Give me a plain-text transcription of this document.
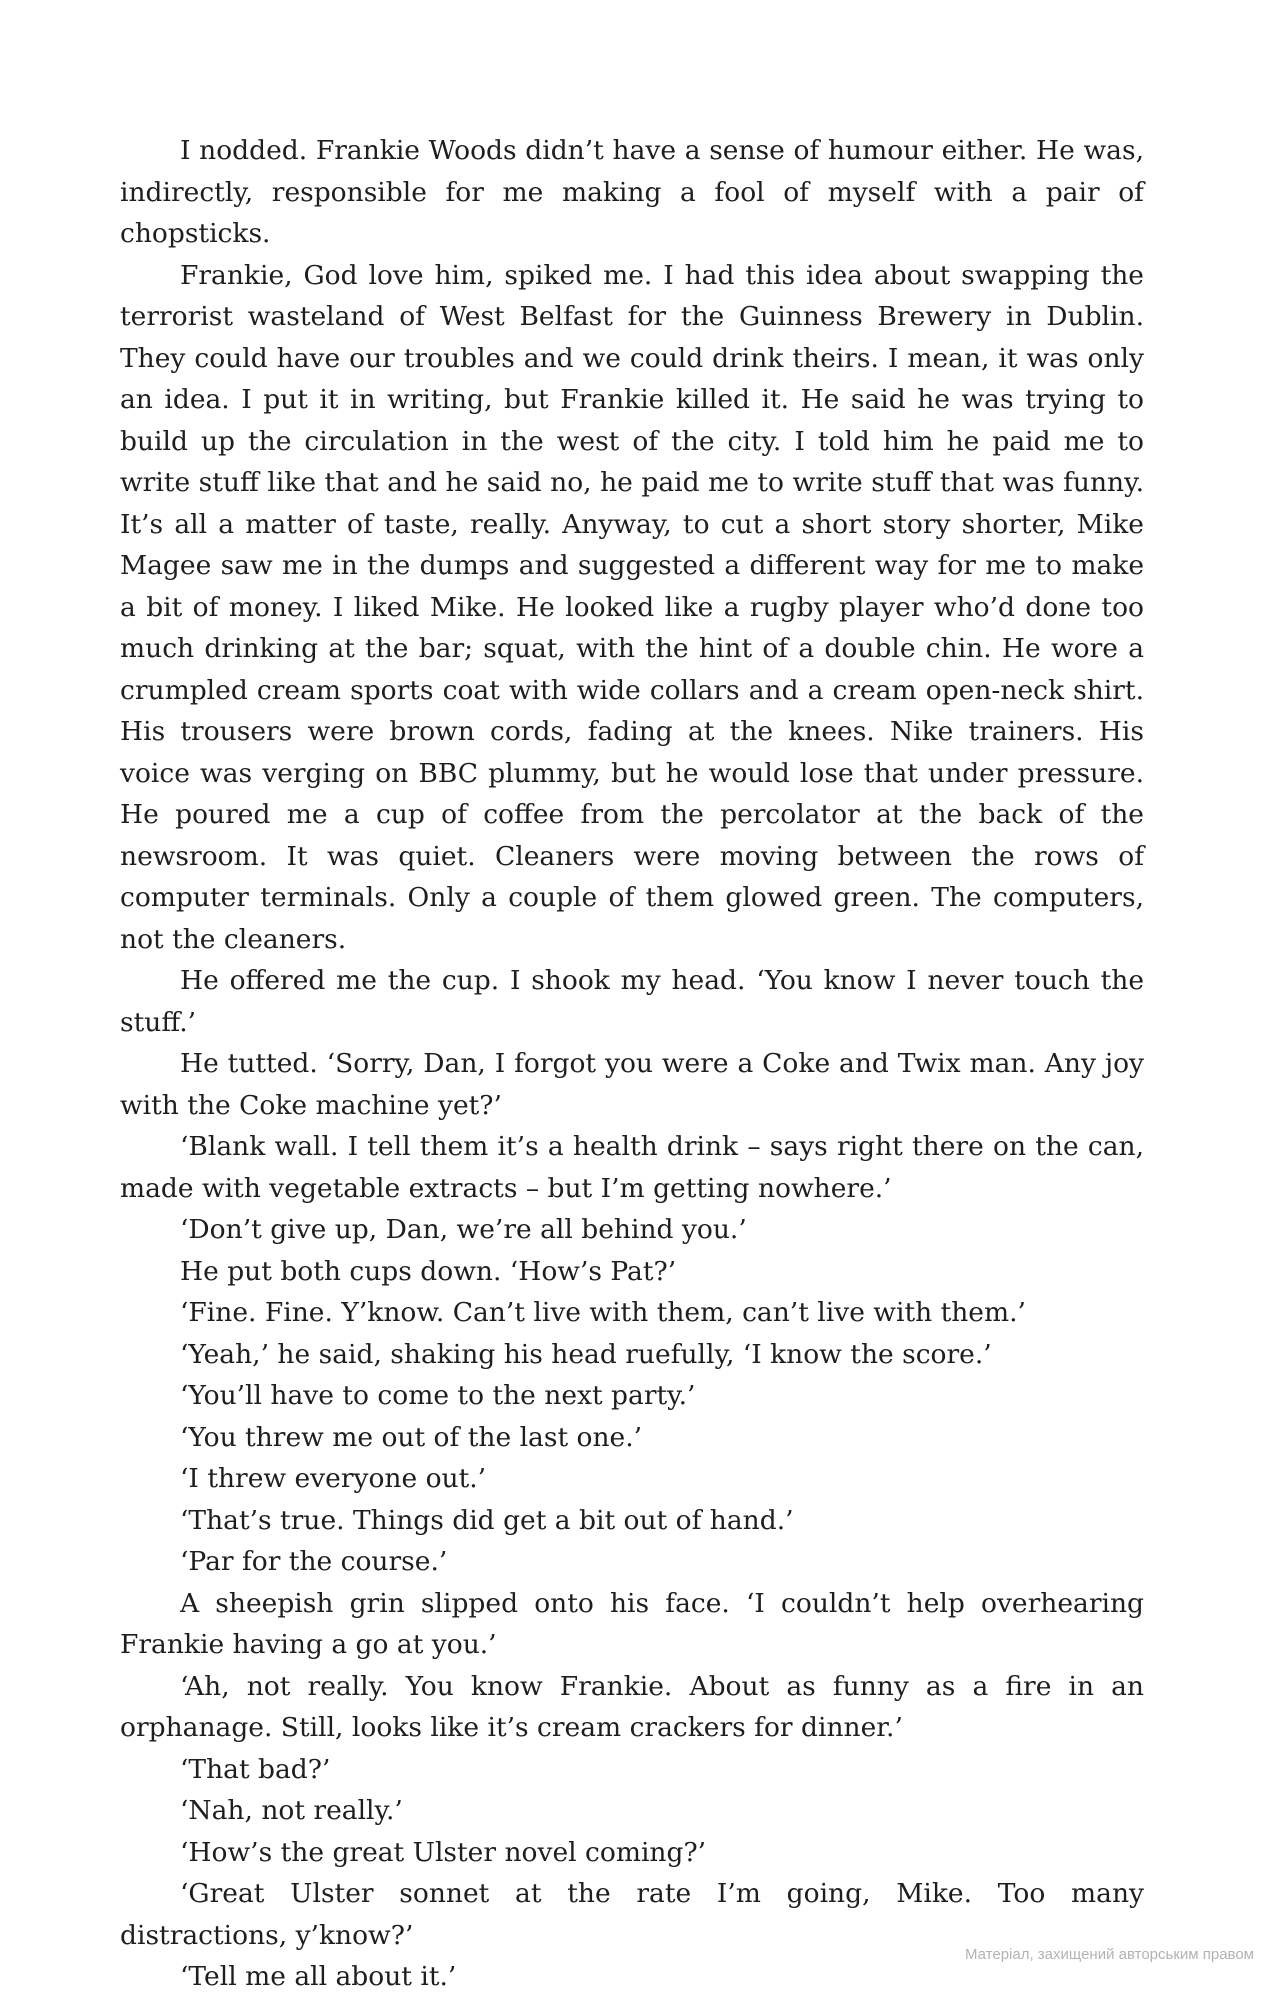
I nodded. Frankie Woods didn’t have a sense of humour either. He was, indirectly, responsible for me making a fool of myself with a pair of chopsticks.

Frankie, God love him, spiked me. I had this idea about swapping the terrorist wasteland of West Belfast for the Guinness Brewery in Dublin. They could have our troubles and we could drink theirs. I mean, it was only an idea. I put it in writing, but Frankie killed it. He said he was trying to build up the circulation in the west of the city. I told him he paid me to write stuff like that and he said no, he paid me to write stuff that was funny. It’s all a matter of taste, really. Anyway, to cut a short story shorter, Mike Magee saw me in the dumps and suggested a different way for me to make a bit of money. I liked Mike. He looked like a rugby player who’d done too much drinking at the bar; squat, with the hint of a double chin. He wore a crumpled cream sports coat with wide collars and a cream open-neck shirt. His trousers were brown cords, fading at the knees. Nike trainers. His voice was verging on BBC plummy, but he would lose that under pressure. He poured me a cup of coffee from the percolator at the back of the newsroom. It was quiet. Cleaners were moving between the rows of computer terminals. Only a couple of them glowed green. The computers, not the cleaners.

He offered me the cup. I shook my head. ‘You know I never touch the stuff.’

He tutted. ‘Sorry, Dan, I forgot you were a Coke and Twix man. Any joy with the Coke machine yet?’

‘Blank wall. I tell them it’s a health drink – says right there on the can, made with vegetable extracts – but I’m getting nowhere.’

‘Don’t give up, Dan, we’re all behind you.’

He put both cups down. ‘How’s Pat?’

‘Fine. Fine. Y’know. Can’t live with them, can’t live with them.’

‘Yeah,’ he said, shaking his head ruefully, ‘I know the score.’

‘You’ll have to come to the next party.’

‘You threw me out of the last one.’

‘I threw everyone out.’

‘That’s true. Things did get a bit out of hand.’

‘Par for the course.’

A sheepish grin slipped onto his face. ‘I couldn’t help overhearing Frankie having a go at you.’

‘Ah, not really. You know Frankie. About as funny as a fire in an orphanage. Still, looks like it’s cream crackers for dinner.’

‘That bad?’

‘Nah, not really.’

‘How’s the great Ulster novel coming?’

‘Great Ulster sonnet at the rate I’m going, Mike. Too many distractions, y’know?’

‘Tell me all about it.’

Матеріал, захищений авторським правом
